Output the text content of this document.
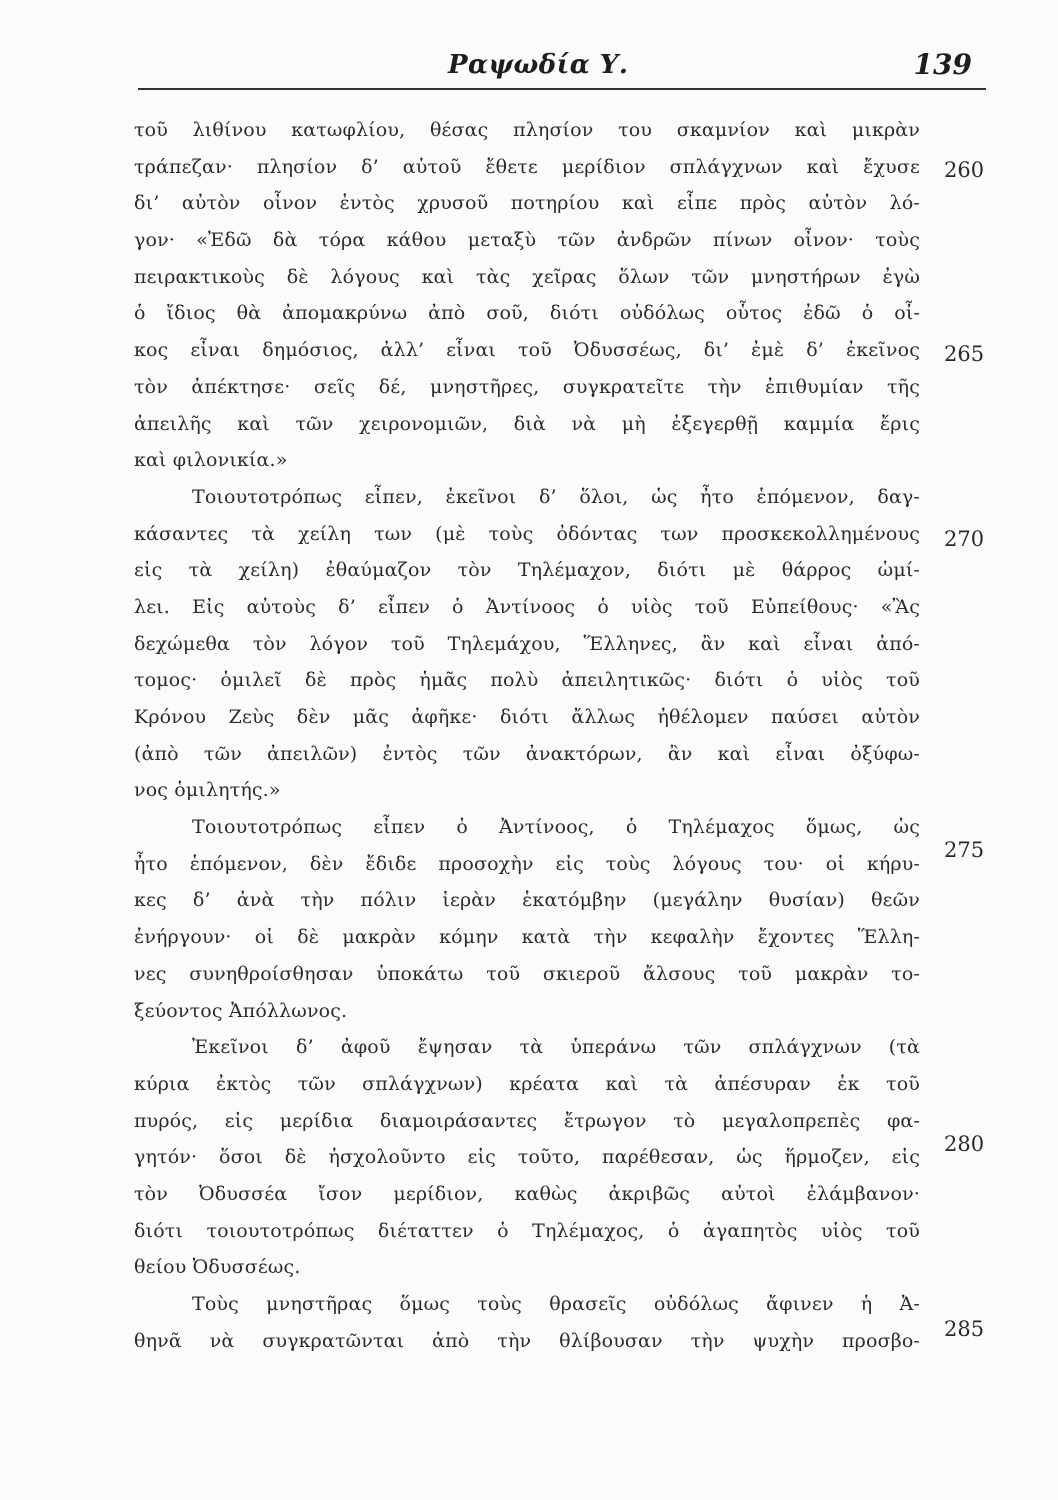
Ραψωδία Υ.	139
τοῦ λιθίνου κατωφλίου, θέσας πλησίον του σκαμνίον καὶ μικρὰν
τράπεζαν· πλησίον δ’ αὐτοῦ ἔθετε μερίδιον σπλάγχνων καὶ ἔχυσε
δι’ αὐτὸν οἶνον ἐντὸς χρυσοῦ ποτηρίου καὶ εἶπε πρὸς αὐτὸν λό-
γον· «Ἐδῶ δὰ τόρα κάθου μεταξὺ τῶν ἀνδρῶν πίνων οἶνον· τοὺς
πειρακτικοὺς δὲ λόγους καὶ τὰς χεῖρας ὅλων τῶν μνηστήρων ἐγὼ
ὁ ἴδιος θὰ ἀπομακρύνω ἀπὸ σοῦ, διότι οὐδόλως οὗτος ἐδῶ ὁ οἶ-
κος εἶναι δημόσιος, ἀλλ’ εἶναι τοῦ Ὀδυσσέως, δι’ ἐμὲ δ’ ἐκεῖνος
τὸν ἀπέκτησε· σεῖς δέ, μνηστῆρες, συγκρατεῖτε τὴν ἐπιθυμίαν τῆς
ἀπειλῆς καὶ τῶν χειρονομιῶν, διὰ νὰ μὴ ἐξεγερθῇ καμμία ἔρις
καὶ φιλονικία.»
Τοιουτοτρόπως εἶπεν, ἐκεῖνοι δ’ ὅλοι, ὡς ἦτο ἑπόμενον, δαγ-
κάσαντες τὰ χείλη των (μὲ τοὺς ὀδόντας των προσκεκολλημένους
εἰς τὰ χείλη) ἐθαύμαζον τὸν Τηλέμαχον, διότι μὲ θάρρος ὡμί-
λει. Εἰς αὐτοὺς δ’ εἶπεν ὁ Ἀντίνοος ὁ υἱὸς τοῦ Εὐπείθους· «Ἂς
δεχώμεθα τὸν λόγον τοῦ Τηλεμάχου, Ἕλληνες, ἂν καὶ εἶναι ἀπό-
τομος· ὁμιλεῖ δὲ πρὸς ἡμᾶς πολὺ ἀπειλητικῶς· διότι ὁ υἱὸς τοῦ
Κρόνου Ζεὺς δὲν μᾶς ἀφῆκε· διότι ἄλλως ἠθέλομεν παύσει αὐτὸν
(ἀπὸ τῶν ἀπειλῶν) ἐντὸς τῶν ἀνακτόρων, ἂν καὶ εἶναι ὀξύφω-
νος ὁμιλητής.»
Τοιουτοτρόπως εἶπεν ὁ Ἀντίνοος, ὁ Τηλέμαχος ὅμως, ὡς
ἦτο ἑπόμενον, δὲν ἔδιδε προσοχὴν εἰς τοὺς λόγους του· οἱ κήρυ-
κες δ’ ἀνὰ τὴν πόλιν ἱερὰν ἑκατόμβην (μεγάλην θυσίαν) θεῶν
ἐνήργουν· οἱ δὲ μακρὰν κόμην κατὰ τὴν κεφαλὴν ἔχοντες Ἕλλη-
νες συνηθροίσθησαν ὑποκάτω τοῦ σκιεροῦ ἄλσους τοῦ μακρὰν το-
ξεύοντος Ἀπόλλωνος.
Ἐκεῖνοι δ’ ἀφοῦ ἔψησαν τὰ ὑπεράνω τῶν σπλάγχνων (τὰ
κύρια ἐκτὸς τῶν σπλάγχνων) κρέατα καὶ τὰ ἀπέσυραν ἐκ τοῦ
πυρός, εἰς μερίδια διαμοιράσαντες ἔτρωγον τὸ μεγαλοπρεπὲς φα-
γητόν· ὅσοι δὲ ἠσχολοῦντο εἰς τοῦτο, παρέθεσαν, ὡς ἥρμοζεν, εἰς
τὸν Ὀδυσσέα ἴσον μερίδιον, καθὼς ἀκριβῶς αὐτοὶ ἐλάμβανον·
διότι τοιουτοτρόπως διέταττεν ὁ Τηλέμαχος, ὁ ἀγαπητὸς υἱὸς τοῦ
θείου Ὀδυσσέως.
Τοὺς μνηστῆρας ὅμως τοὺς θρασεῖς οὐδόλως ἄφινεν ἡ Ἀ-
θηνᾶ νὰ συγκρατῶνται ἀπὸ τὴν θλίβουσαν τὴν ψυχὴν προσβο-
260
265
270
275
280
285
